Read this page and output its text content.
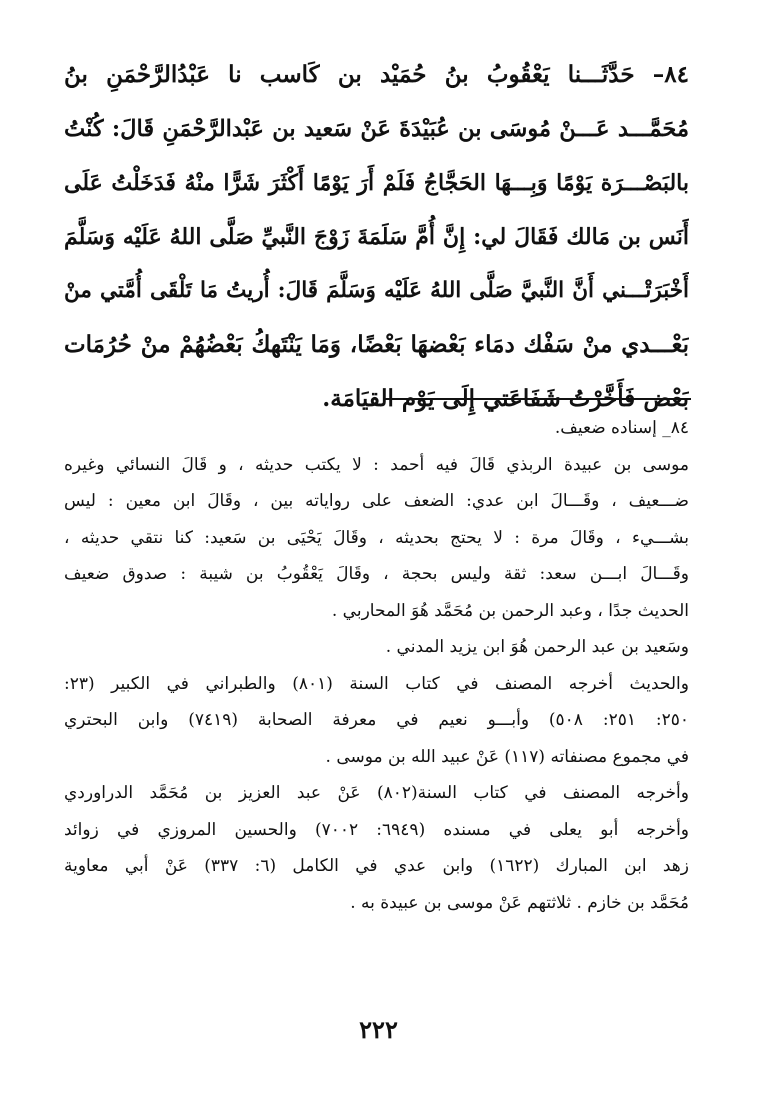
٨٤– حَدَّثَـــنا يَعْقُوبُ بنُ حُمَيْد بن كَاسب نا عَبْدُالرَّحْمَنِ بنُ
مُحَمَّـــد عَـــنْ مُوسَى بن عُبَيْدَةَ عَنْ سَعيد بن عَبْدالرَّحْمَنِ قَالَ: كُنْتُ
بالبَصْـــرَة يَوْمًا وَبِـــهَا الحَجَّاجُ فَلَمْ أَرَ يَوْمًا أَكْثَرَ شَرًّا منْهُ فَدَخَلْتُ عَلَى
أَنَس بن مَالك فَقَالَ لي: إِنَّ أُمَّ سَلَمَةَ زَوْجَ النَّبيِّ صَلَّى اللهُ عَلَيْه وَسَلَّمَ
أَخْبَرَتْـــني أَنَّ النَّبيَّ صَلَّى اللهُ عَلَيْه وَسَلَّمَ قَالَ: أُريتُ مَا تَلْقَى أُمَّتي منْ
بَعْـــدي منْ سَفْك دمَاء بَعْضهَا بَعْضًا، وَمَا يَنْتَهكُ بَعْضُهُمْ منْ حُرُمَات
بَعْض فَأَخَّرْتُ شَفَاعَتي إِلَى يَوْم القيَامَة.
٨٤_ إسناده ضعيف.
موسى بن عبيدة الربذي قَالَ فيه أحمد : لا يكتب حديثه ، و قَالَ النسائي وغيره
ضـــعيف ، وقَـــالَ ابن عدي: الضعف على رواياته بين ، وقَالَ ابن معين : ليس
بشـــيء ، وقَالَ مرة : لا يحتج بحديثه ، وقَالَ يَحْيَى بن سَعيد: كنا نتقي حديثه ،
وقَـــالَ ابـــن سعد: ثقة وليس بحجة ، وقَالَ يَعْقُوبُ بن شيبة : صدوق ضعيف
الحديث جدًا ، وعبد الرحمن بن مُحَمَّد هُوَ المحاربي .
وسَعيد بن عبد الرحمن هُوَ ابن يزيد المدني .
والحديث أخرجه المصنف في كتاب السنة (٨٠١) والطبراني في الكبير (٢٣:
٢٥٠: ٢٥١: ٥٠٨) وأبـــو نعيم في معرفة الصحابة (٧٤١٩) وابن البحتري
في مجموع مصنفاته (١١٧) عَنْ عبيد الله بن موسى .
وأخرجه المصنف في كتاب السنة(٨٠٢) عَنْ عبد العزيز بن مُحَمَّد الدراوردي
وأخرجه أبو يعلى في مسنده (٦٩٤٩: ٧٠٠٢) والحسين المروزي في زوائد
زهد ابن المبارك (١٦٢٢) وابن عدي في الكامل (٦: ٣٣٧) عَنْ أبي معاوية
مُحَمَّد بن خازم . ثلاثتهم عَنْ موسى بن عبيدة به .
٢٢٢
